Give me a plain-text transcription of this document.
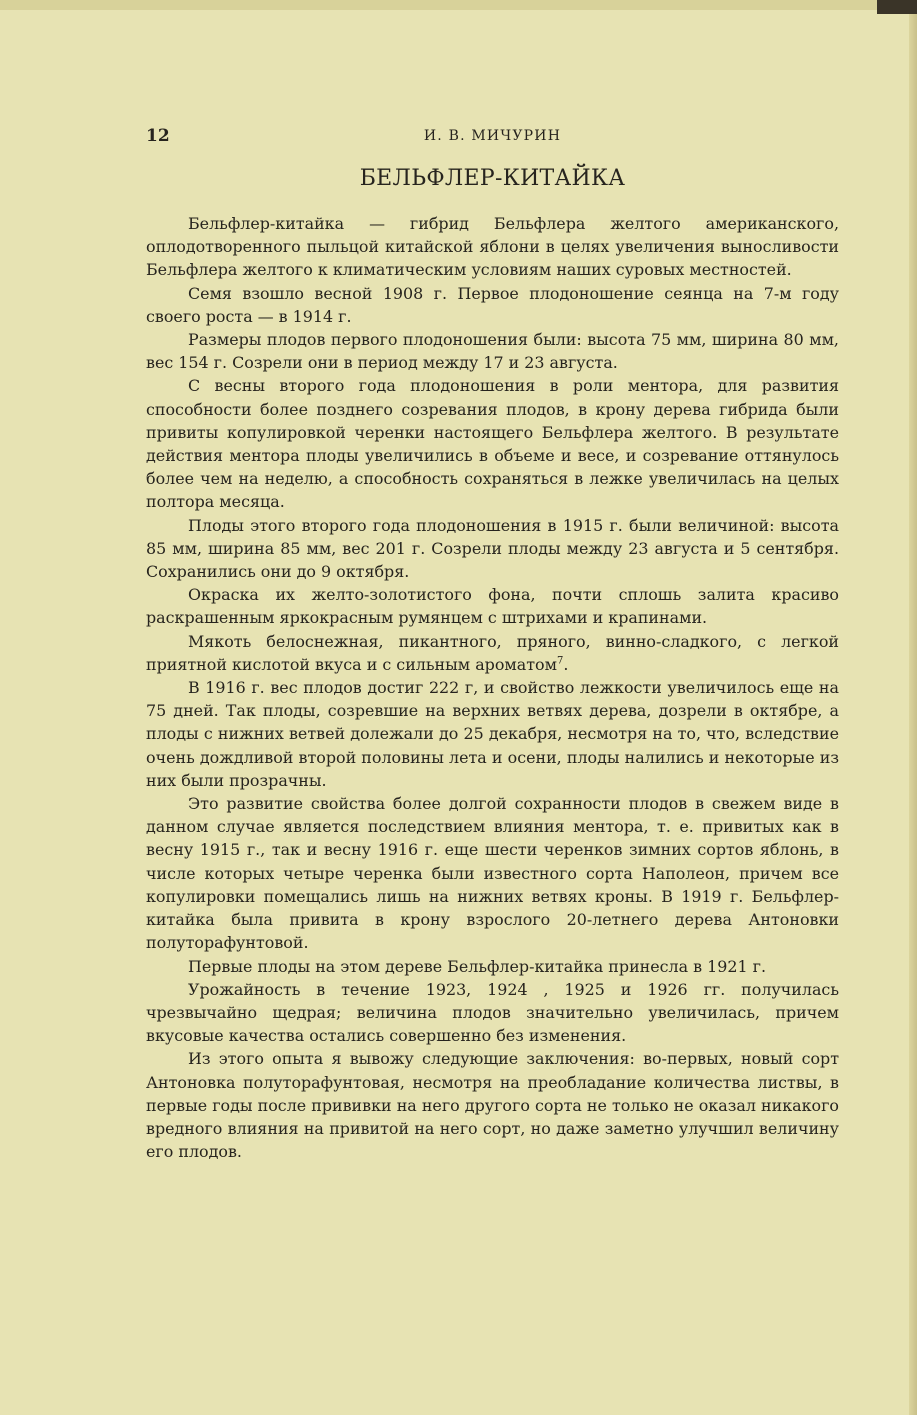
12	И. В. МИЧУРИН
БЕЛЬФЛЕР-КИТАЙКА

Бельфлер-китайка — гибрид Бельфлера желтого американского, оплодотворенного пыльцой китайской яблони в целях увеличения выносливости Бельфлера желтого к климатическим условиям наших суровых местностей.

Семя взошло весной 1908 г. Первое плодоношение сеянца на 7-м году своего роста — в 1914 г.

Размеры плодов первого плодоношения были: высота 75 мм, ширина 80 мм, вес 154 г. Созрели они в период между 17 и 23 августа.

С весны второго года плодоношения в роли ментора, для развития способности более позднего созревания плодов, в крону дерева гибрида были привиты копулировкой черенки настоящего Бельфлера желтого. В результате действия ментора плоды увеличились в объеме и весе, и созревание оттянулось более чем на неделю, а способность сохраняться в лежке увеличилась на целых полтора месяца.

Плоды этого второго года плодоношения в 1915 г. были величиной: высота 85 мм, ширина 85 мм, вес 201 г. Созрели плоды между 23 августа и 5 сентября. Сохранились они до 9 октября.

Окраска их желто-золотистого фона, почти сплошь залита красиво раскрашенным яркокрасным румянцем с штрихами и крапинами.

Мякоть белоснежная, пикантного, пряного, винно-сладкого, с легкой приятной кислотой вкуса и с сильным ароматом$^7$.

В 1916 г. вес плодов достиг 222 г, и свойство лежкости увеличилось еще на 75 дней. Так плоды, созревшие на верхних ветвях дерева, дозрели в октябре, а плоды с нижних ветвей долежали до 25 декабря, несмотря на то, что, вследствие очень дождливой второй половины лета и осени, плоды налились и некоторые из них были прозрачны.

Это развитие свойства более долгой сохранности плодов в свежем виде в данном случае является последствием влияния ментора, т. е. привитых как в весну 1915 г., так и весну 1916 г. еще шести черенков зимних сортов яблонь, в числе которых четыре черенка были известного сорта Наполеон, причем все копулировки помещались лишь на нижних ветвях кроны. В 1919 г. Бельфлер-китайка была привита в крону взрослого 20-летнего дерева Антоновки полуторафунтовой.

Первые плоды на этом дереве Бельфлер-китайка принесла в 1921 г.

Урожайность в течение 1923, 1924 , 1925 и 1926 гг. получилась чрезвычайно щедрая; величина плодов значительно увеличилась, причем вкусовые качества остались совершенно без изменения.

Из этого опыта я вывожу следующие заключения: во-первых, новый сорт Антоновка полуторафунтовая, несмотря на преобладание количества листвы, в первые годы после прививки на него другого сорта не только не оказал никакого вредного влияния на привитой на него сорт, но даже заметно улучшил величину его плодов.
